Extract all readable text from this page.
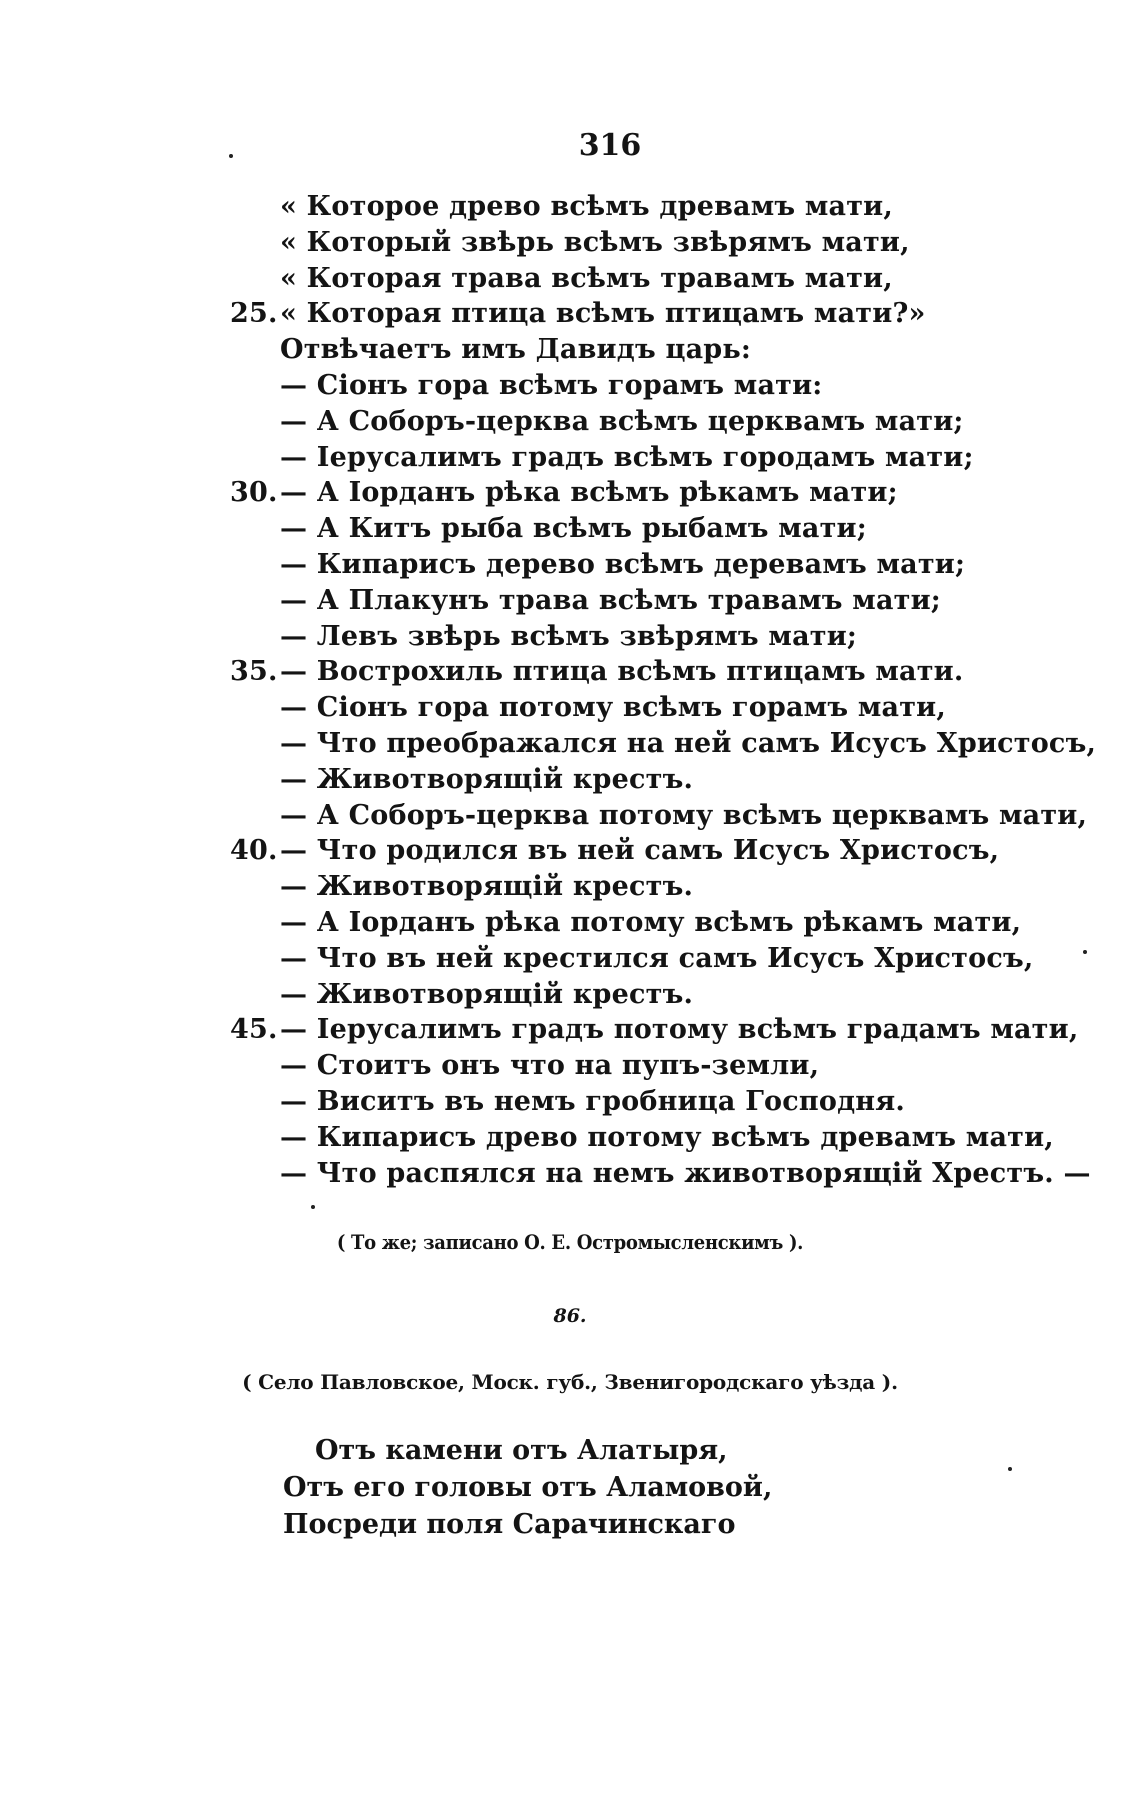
316
« Которое древо всѣмъ древамъ мати,
« Который звѣрь всѣмъ звѣрямъ мати,
« Которая трава всѣмъ травамъ мати,
25. « Которая птица всѣмъ птицамъ мати?»
Отвѣчаетъ имъ Давидъ царь:
— Сіонъ гора всѣмъ горамъ мати:
— А Соборъ-церква всѣмъ церквамъ мати;
— Іерусалимъ градъ всѣмъ городамъ мати;
30. — А Іорданъ рѣка всѣмъ рѣкамъ мати;
— А Китъ рыба всѣмъ рыбамъ мати;
— Кипарисъ дерево всѣмъ деревамъ мати;
— А Плакунъ трава всѣмъ травамъ мати;
— Левъ звѣрь всѣмъ звѣрямъ мати;
35. — Вострохиль птица всѣмъ птицамъ мати.
— Сіонъ гора потому всѣмъ горамъ мати,
— Что преображался на ней самъ Исусъ Христосъ,
— Животворящій крестъ.
— А Соборъ-церква потому всѣмъ церквамъ мати,
40. — Что родился въ ней самъ Исусъ Христосъ,
— Животворящій крестъ.
— А Іорданъ рѣка потому всѣмъ рѣкамъ мати,
— Что въ ней крестился самъ Исусъ Христосъ,
— Животворящій крестъ.
45. — Іерусалимъ градъ потому всѣмъ градамъ мати,
— Стоитъ онъ что на пупъ-земли,
— Виситъ въ немъ гробница Господня.
— Кипарисъ древо потому всѣмъ древамъ мати,
— Что распялся на немъ животворящій Хрестъ. —
( То же; записано О. Е. Остромысленскимъ ).
86.
( Село Павловское, Моск. губ., Звенигородскаго уѣзда ).
Отъ камени отъ Алатыря,
Отъ его головы отъ Аламовой,
Посреди поля Сарачинскаго
